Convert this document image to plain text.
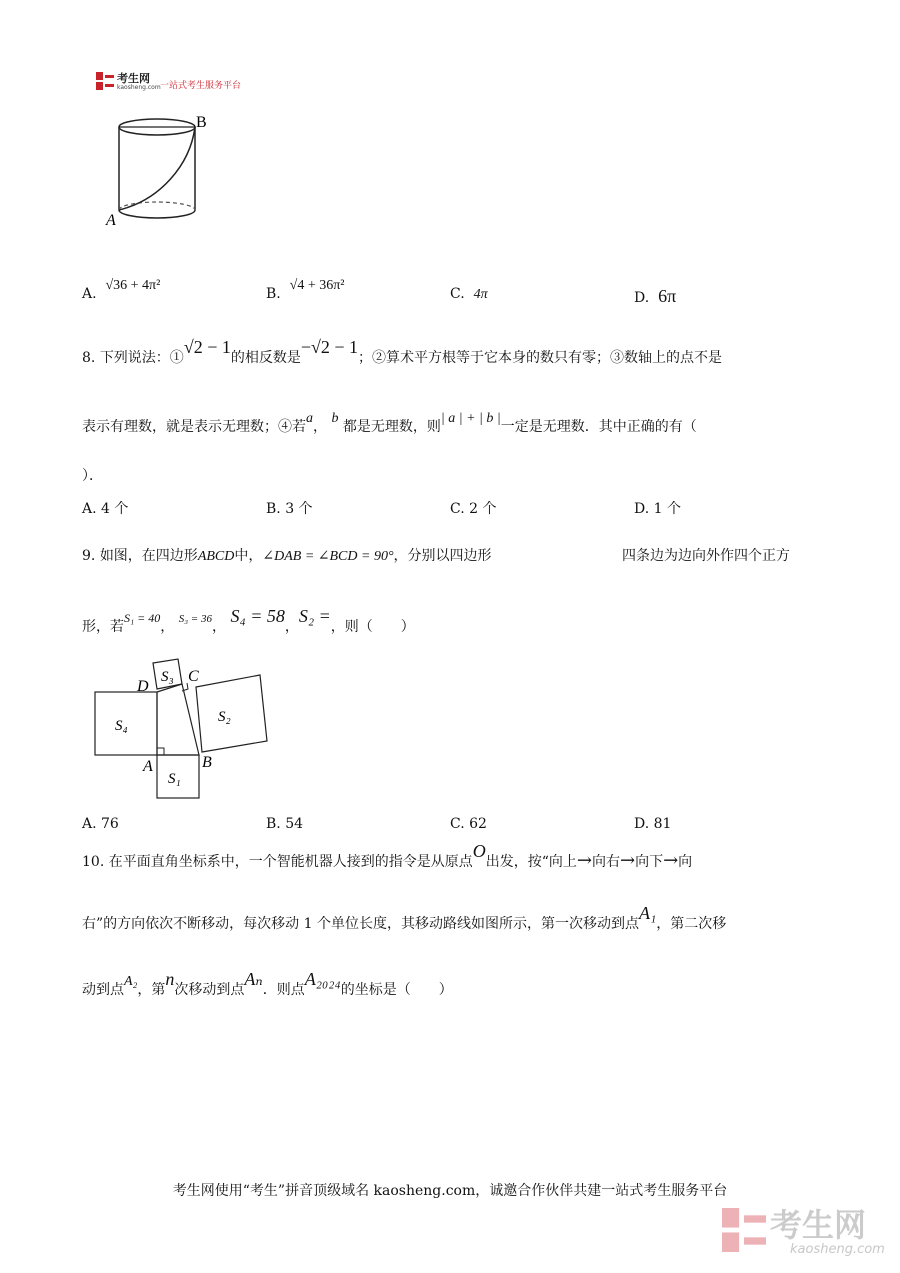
考生网
kaosheng.com 一站式考生服务平台
B
A
A.  √36 + 4π²
B.  √4 + 36π²
C. 4π	D. 6π
8. 下列说法：①√2 − 1的相反数是−√2 − 1；②算术平方根等于它本身的数只有零；③数轴上的点不是
表示有理数，就是表示无理数；④若a， b 都是无理数，则| a | + | b |一定是无理数．其中正确的有（
）．
A. 4 个	B. 3 个	C. 2 个	D. 1 个
9. 如图，在四边形ABCD中，∠DAB = ∠BCD = 90°，分别以四边形	四条边为边向外作四个正方
形，若S₁ = 40， $^{S_3 = 36}$， S₄ = 58，S₂ =，则（　　）
D
C
A	B
S₃
S₄
S₂
S₁
A. 76	B. 54	C. 62	D. 81
10. 在平面直角坐标系中，一个智能机器人接到的指令是从原点O出发，按“向上→向右→向下→向
右”的方向依次不断移动，每次移动 1 个单位长度，其移动路线如图所示，第一次移动到点A₁，第二次移
动到点A₂，第n次移动到点Aₙ．则点A₂₀₂₄的坐标是（　　）
考生网使用“考生”拼音顶级域名 kaosheng.com，诚邀合作伙伴共建一站式考生服务平台
考生网
kaosheng.com
